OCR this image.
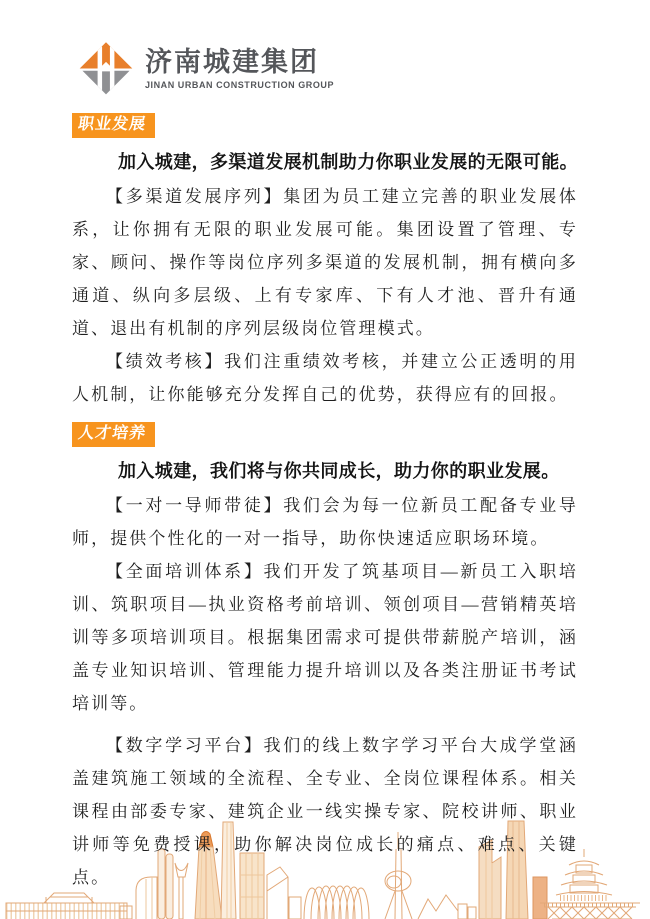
济南城建集团
JINAN URBAN CONSTRUCTION GROUP
职业发展
加入城建，多渠道发展机制助力你职业发展的无限可能。

【多渠道发展序列】集团为员工建立完善的职业发展体系，让你拥有无限的职业发展可能。集团设置了管理、专家、顾问、操作等岗位序列多渠道的发展机制，拥有横向多通道、纵向多层级、上有专家库、下有人才池、晋升有通道、退出有机制的序列层级岗位管理模式。

【绩效考核】我们注重绩效考核，并建立公正透明的用人机制，让你能够充分发挥自己的优势，获得应有的回报。

人才培养
加入城建，我们将与你共同成长，助力你的职业发展。

【一对一导师带徒】我们会为每一位新员工配备专业导师，提供个性化的一对一指导，助你快速适应职场环境。

【全面培训体系】我们开发了筑基项目—新员工入职培训、筑职项目—执业资格考前培训、领创项目—营销精英培训等多项培训项目。根据集团需求可提供带薪脱产培训，涵盖专业知识培训、管理能力提升培训以及各类注册证书考试培训等。

【数字学习平台】我们的线上数字学习平台大成学堂涵盖建筑施工领域的全流程、全专业、全岗位课程体系。相关课程由部委专家、建筑企业一线实操专家、院校讲师、职业讲师等免费授课，助你解决岗位成长的痛点、难点、关键点。
